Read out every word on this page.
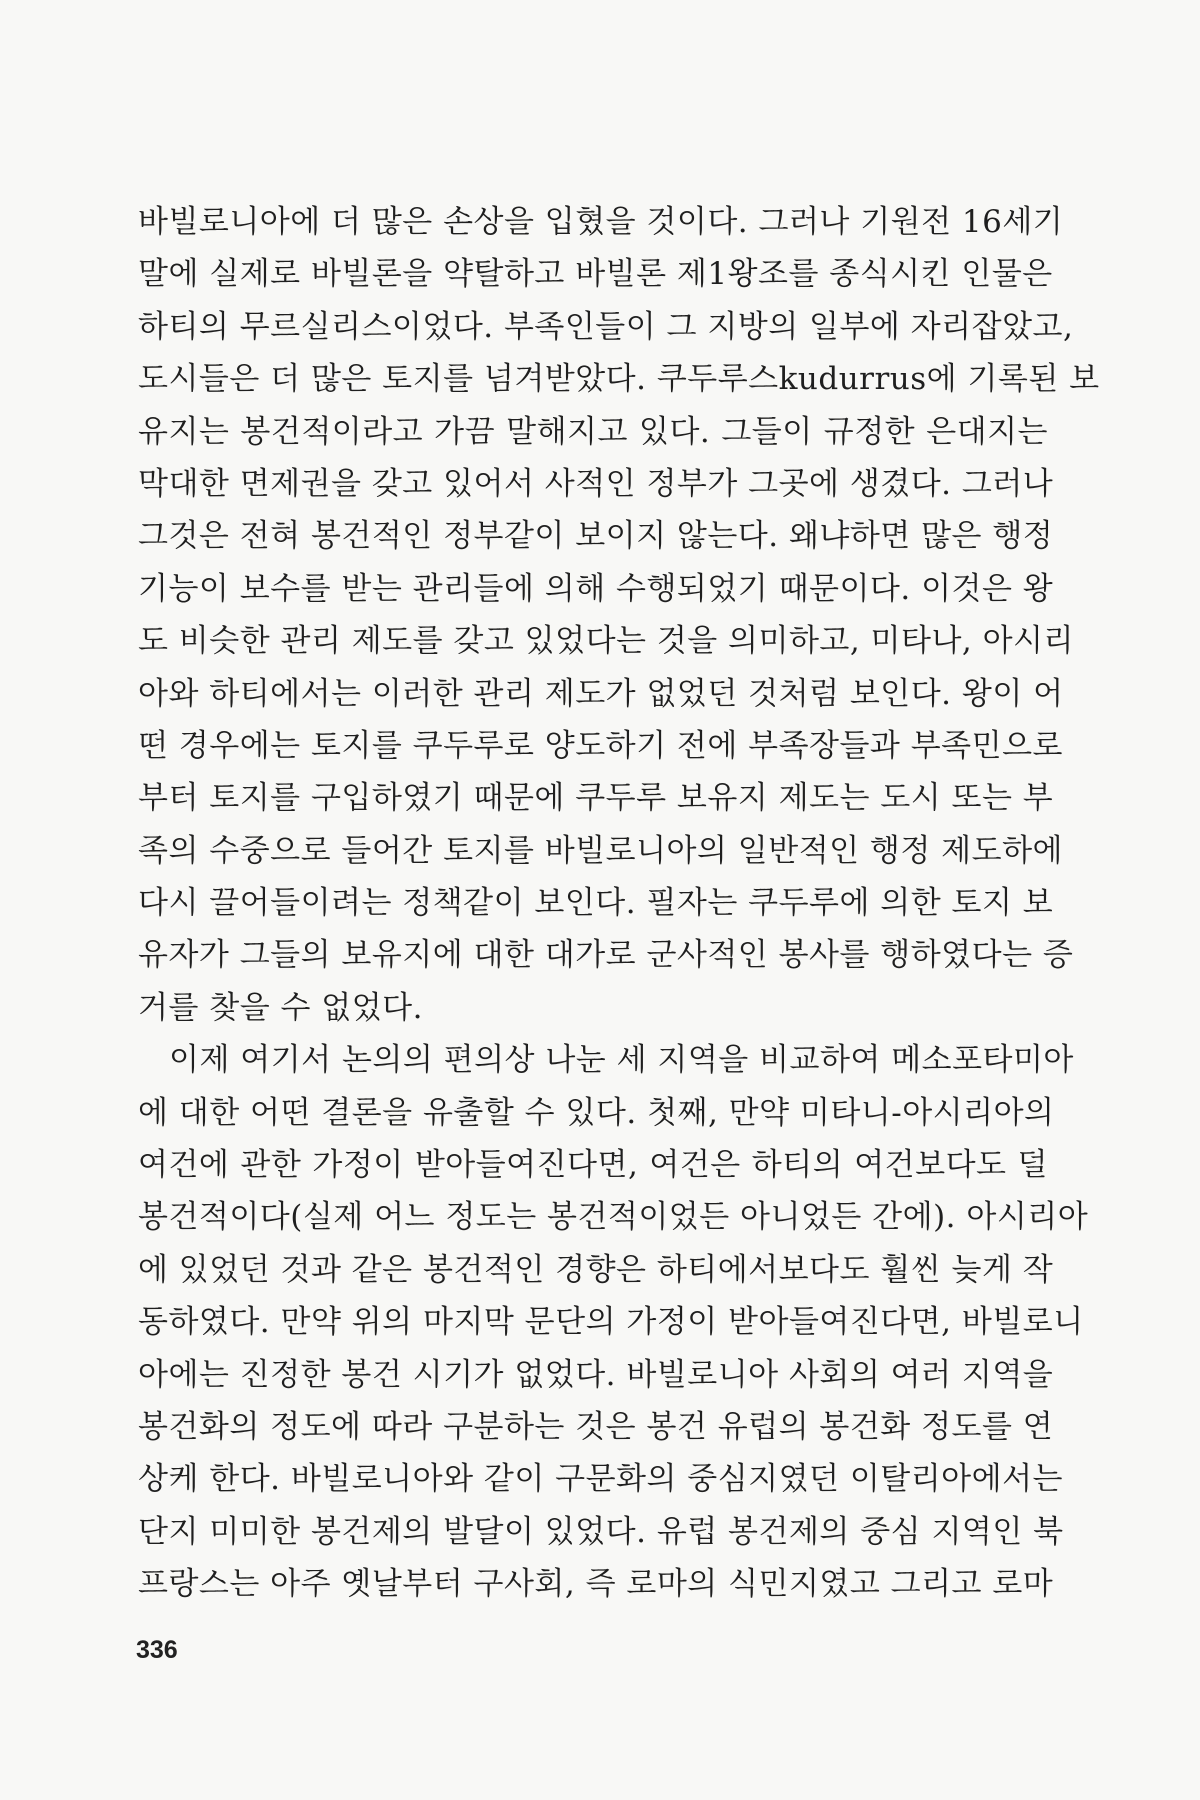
바빌로니아에 더 많은 손상을 입혔을 것이다. 그러나 기원전 16세기
말에 실제로 바빌론을 약탈하고 바빌론 제1왕조를 종식시킨 인물은
하티의 무르실리스이었다. 부족인들이 그 지방의 일부에 자리잡았고,
도시들은 더 많은 토지를 넘겨받았다. 쿠두루스kudurrus에 기록된 보
유지는 봉건적이라고 가끔 말해지고 있다. 그들이 규정한 은대지는
막대한 면제권을 갖고 있어서 사적인 정부가 그곳에 생겼다. 그러나
그것은 전혀 봉건적인 정부같이 보이지 않는다. 왜냐하면 많은 행정
기능이 보수를 받는 관리들에 의해 수행되었기 때문이다. 이것은 왕
도 비슷한 관리 제도를 갖고 있었다는 것을 의미하고, 미타나, 아시리
아와 하티에서는 이러한 관리 제도가 없었던 것처럼 보인다. 왕이 어
떤 경우에는 토지를 쿠두루로 양도하기 전에 부족장들과 부족민으로
부터 토지를 구입하였기 때문에 쿠두루 보유지 제도는 도시 또는 부
족의 수중으로 들어간 토지를 바빌로니아의 일반적인 행정 제도하에
다시 끌어들이려는 정책같이 보인다. 필자는 쿠두루에 의한 토지 보
유자가 그들의 보유지에 대한 대가로 군사적인 봉사를 행하였다는 증
거를 찾을 수 없었다.
이제 여기서 논의의 편의상 나눈 세 지역을 비교하여 메소포타미아
에 대한 어떤 결론을 유출할 수 있다. 첫째, 만약 미타니-아시리아의
여건에 관한 가정이 받아들여진다면, 여건은 하티의 여건보다도 덜
봉건적이다(실제 어느 정도는 봉건적이었든 아니었든 간에). 아시리아
에 있었던 것과 같은 봉건적인 경향은 하티에서보다도 훨씬 늦게 작
동하였다. 만약 위의 마지막 문단의 가정이 받아들여진다면, 바빌로니
아에는 진정한 봉건 시기가 없었다. 바빌로니아 사회의 여러 지역을
봉건화의 정도에 따라 구분하는 것은 봉건 유럽의 봉건화 정도를 연
상케 한다. 바빌로니아와 같이 구문화의 중심지였던 이탈리아에서는
단지 미미한 봉건제의 발달이 있었다. 유럽 봉건제의 중심 지역인 북
프랑스는 아주 옛날부터 구사회, 즉 로마의 식민지였고 그리고 로마
336
